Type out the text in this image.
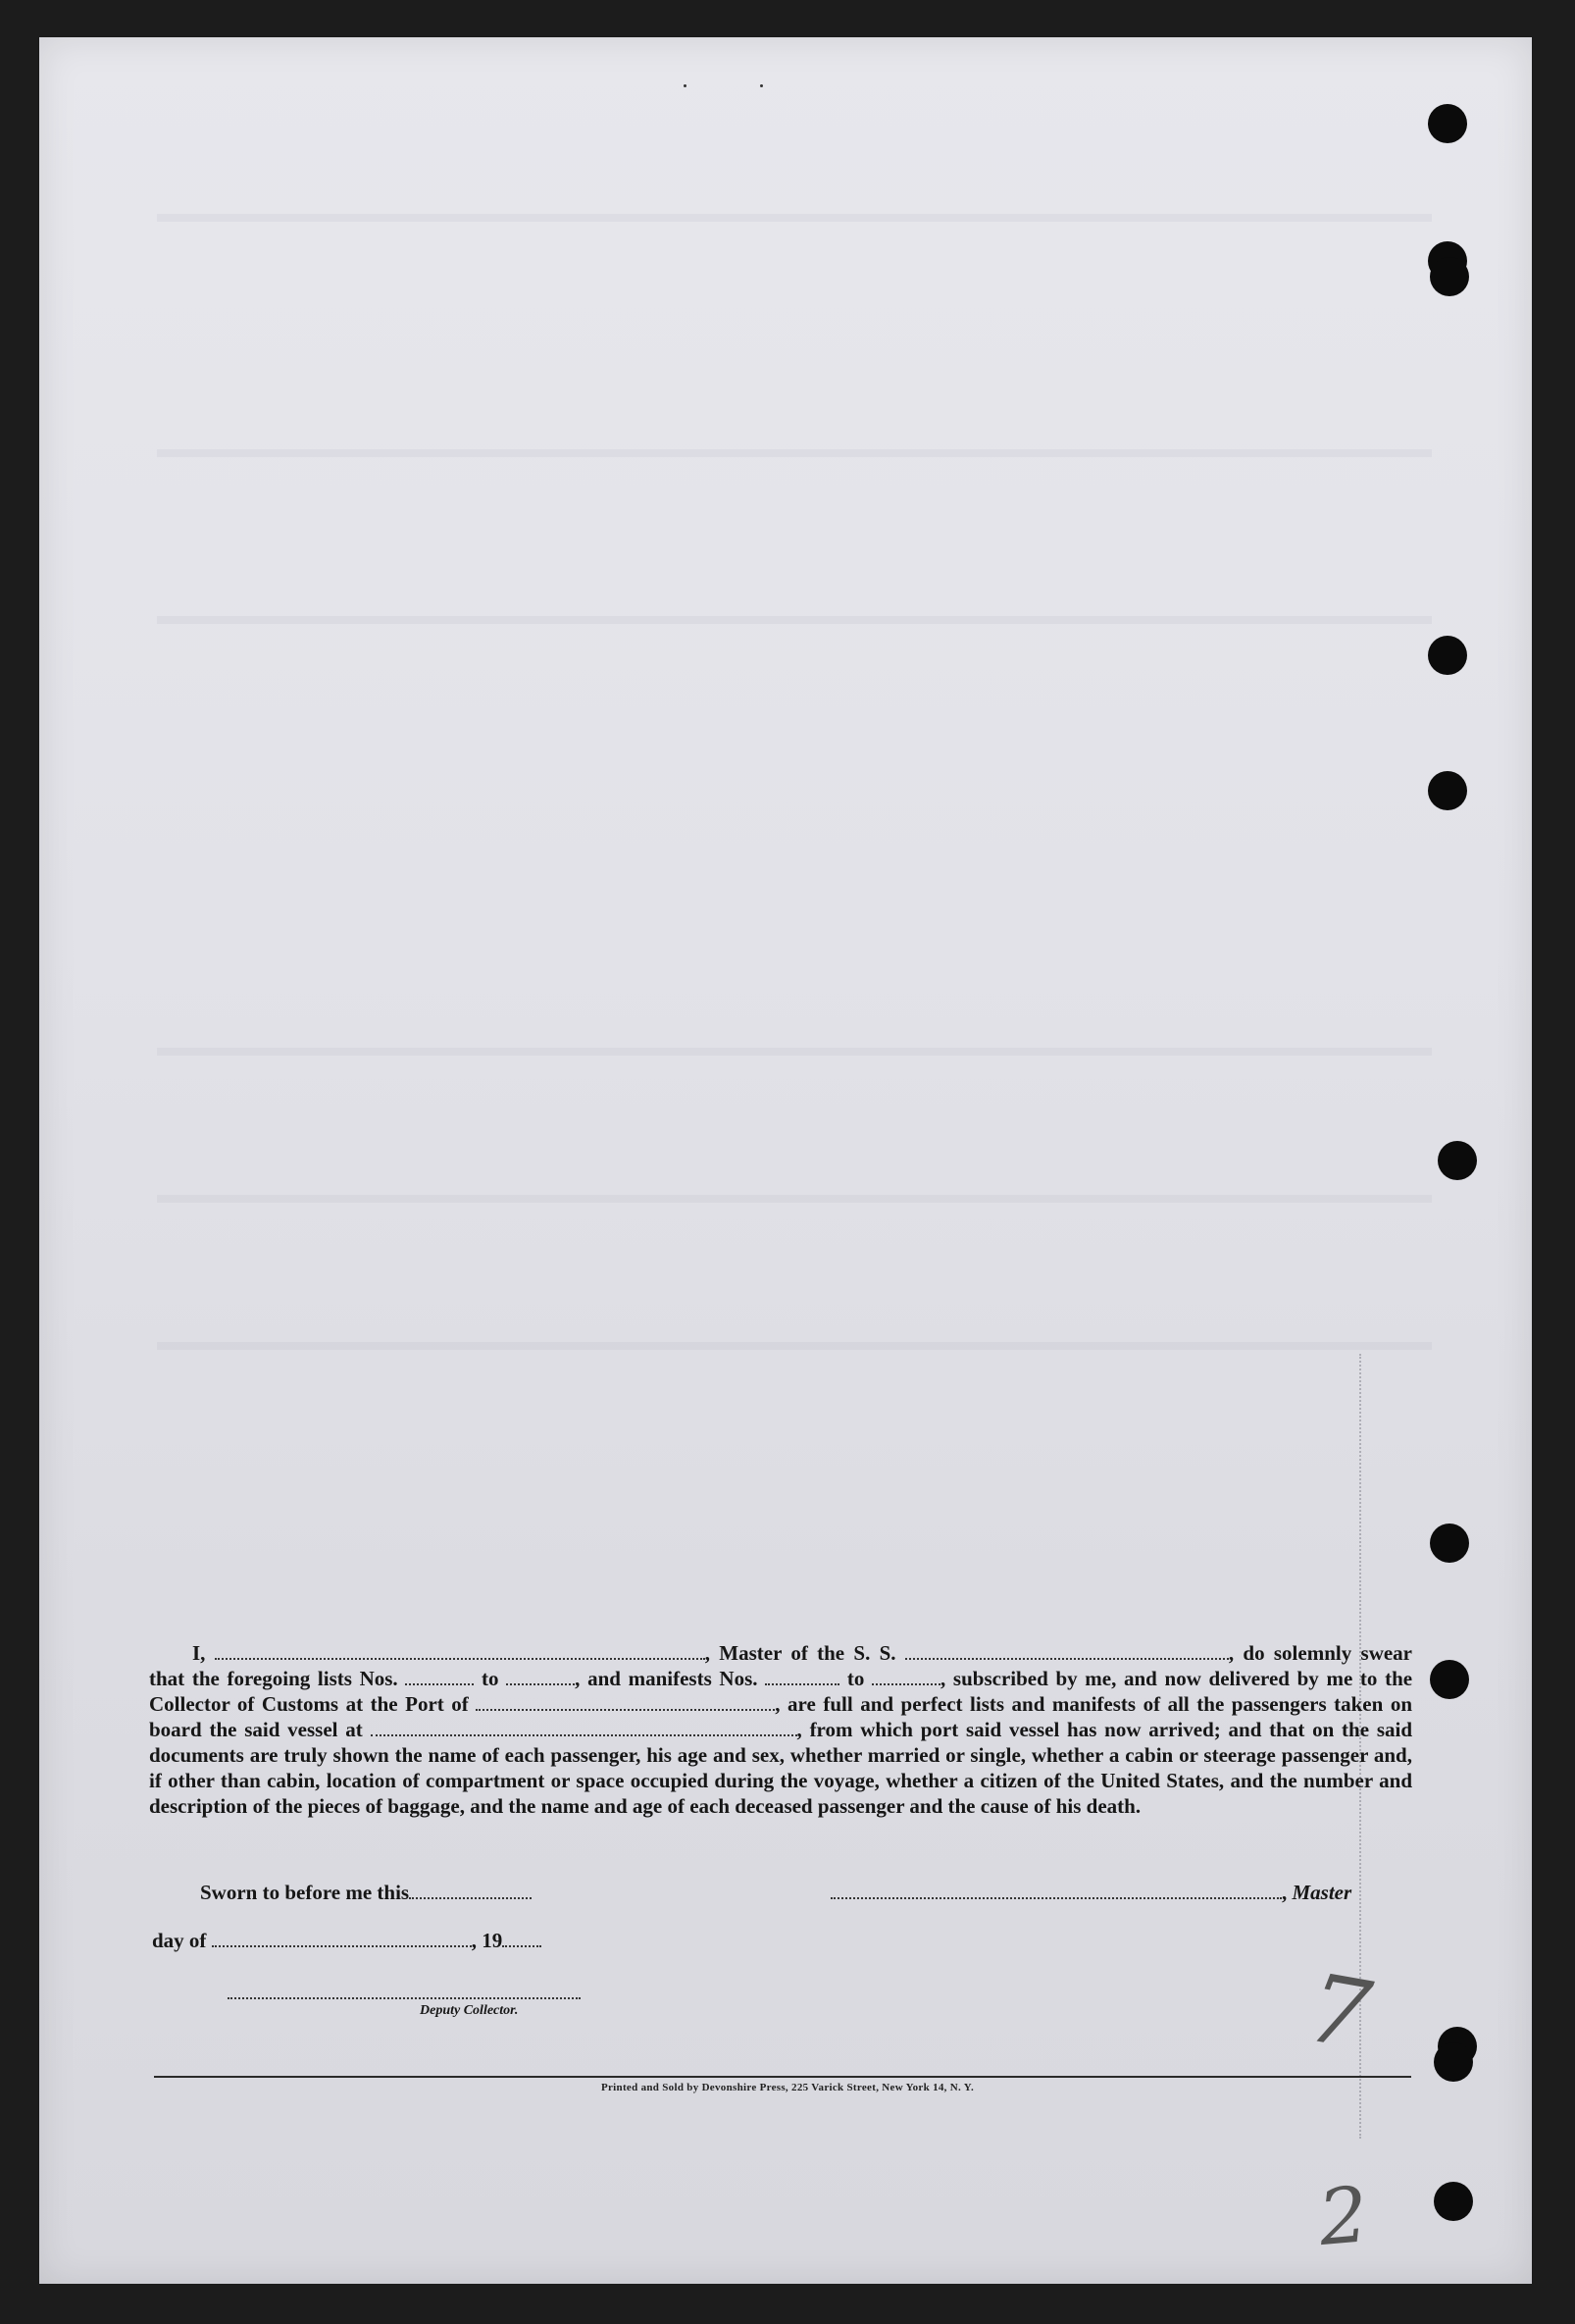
I,	, Master of the S. S.	, do solemnly swear that the foregoing lists Nos.	to	, and manifests Nos.	to	, subscribed by me, and now delivered by me to the Collector of Customs at the Port of	, are full and perfect lists and manifests of all the passengers taken on board the said vessel at	, from which port said vessel has now arrived; and that on the said documents are truly shown the name of each passenger, his age and sex, whether married or single, whether a cabin or steerage passenger and, if other than cabin, location of compartment or space occupied during the voyage, whether a citizen of the United States, and the number and description of the pieces of baggage, and the name and age of each deceased passenger and the cause of his death.
Sworn to before me this	, Master
day of	, 19
Deputy Collector.
Printed and Sold by Devonshire Press, 225 Varick Street, New York 14, N. Y.
7
2
